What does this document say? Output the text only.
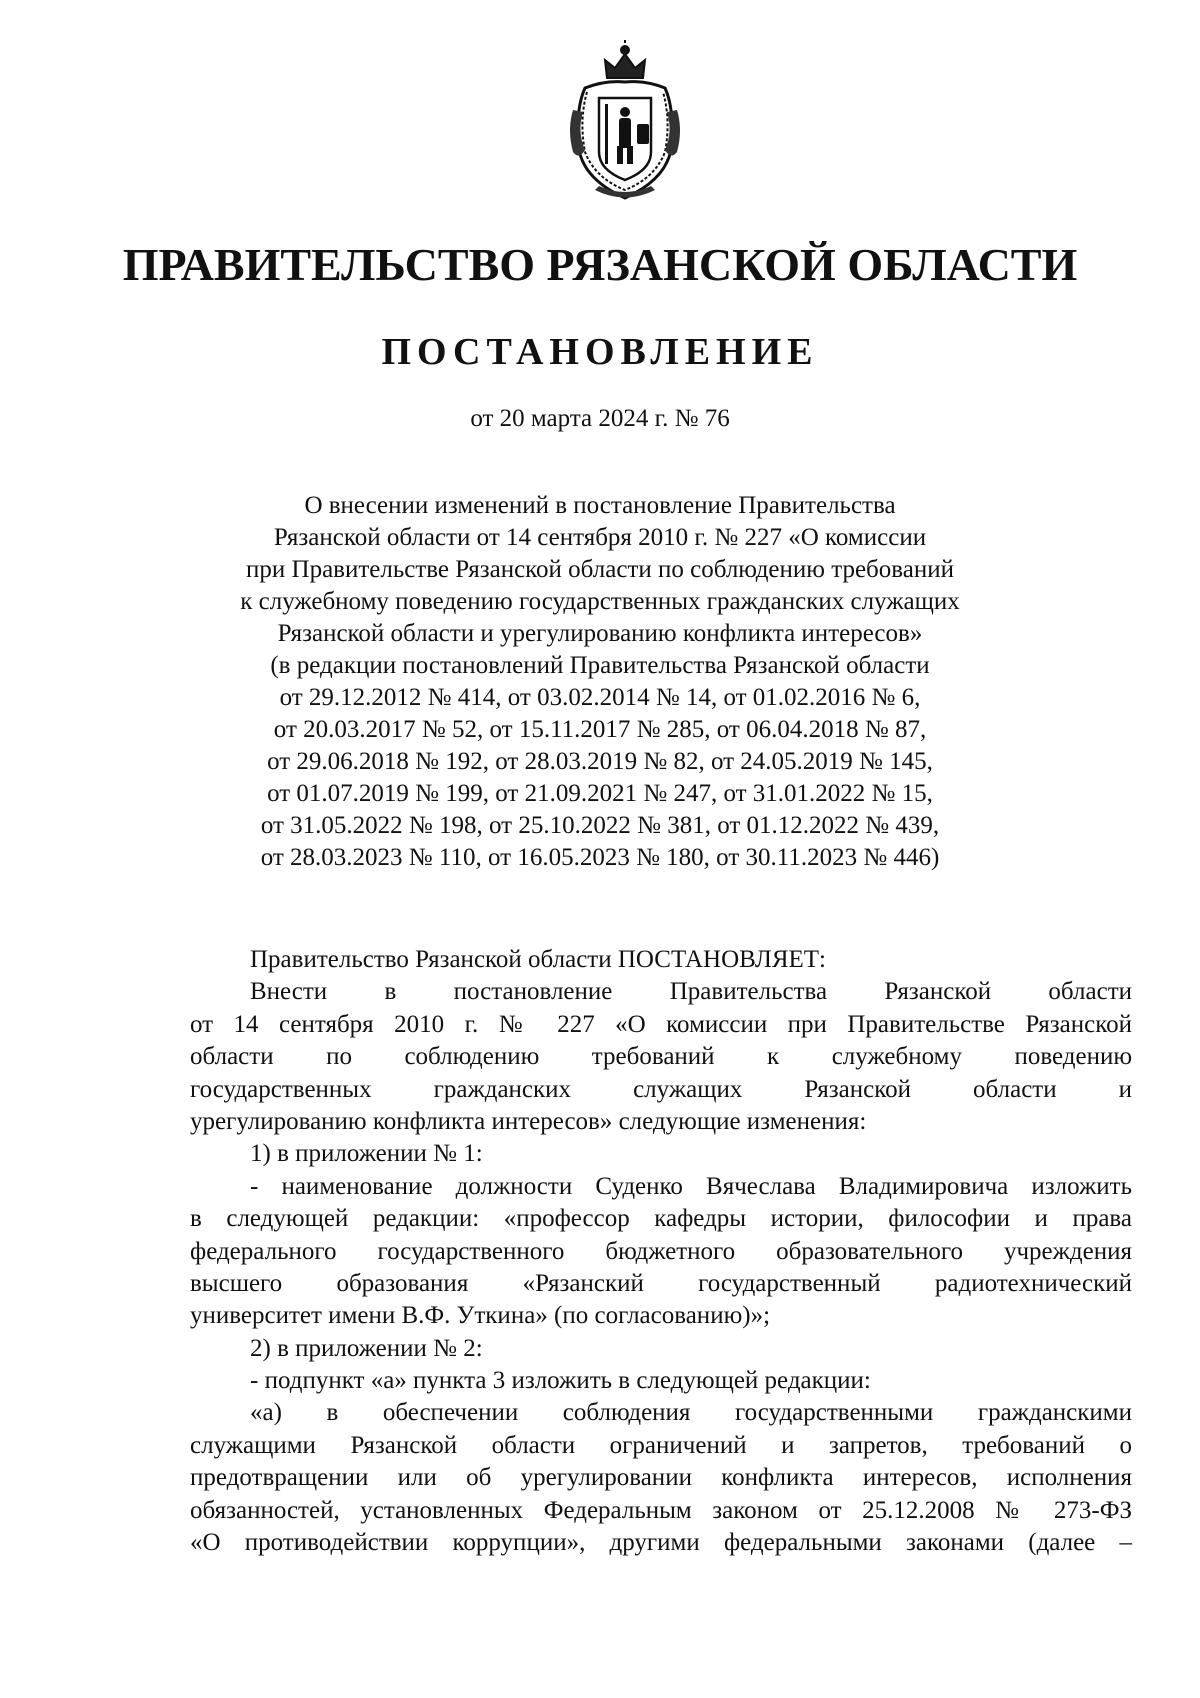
ПРАВИТЕЛЬСТВО РЯЗАНСКОЙ ОБЛАСТИ
ПОСТАНОВЛЕНИЕ
от 20 марта 2024 г. № 76
О внесении изменений в постановление Правительства
Рязанской области от 14 сентября 2010 г. № 227 «О комиссии
при Правительстве Рязанской области по соблюдению требований
к служебному поведению государственных гражданских служащих
Рязанской области и урегулированию конфликта интересов»
(в редакции постановлений Правительства Рязанской области
от 29.12.2012 № 414, от 03.02.2014 № 14, от 01.02.2016 № 6,
от 20.03.2017 № 52, от 15.11.2017 № 285, от 06.04.2018 № 87,
от 29.06.2018 № 192, от 28.03.2019 № 82, от 24.05.2019 № 145,
от 01.07.2019 № 199, от 21.09.2021 № 247, от 31.01.2022 № 15,
от 31.05.2022 № 198, от 25.10.2022 № 381, от 01.12.2022 № 439,
от 28.03.2023 № 110, от 16.05.2023 № 180, от 30.11.2023 № 446)
Правительство Рязанской области ПОСТАНОВЛЯЕТ:
Внести в постановление Правительства Рязанской области
от 14 сентября 2010 г. № 227 «О комиссии при Правительстве Рязанской
области по соблюдению требований к служебному поведению
государственных гражданских служащих Рязанской области и
урегулированию конфликта интересов» следующие изменения:
1) в приложении № 1:
- наименование должности Суденко Вячеслава Владимировича изложить
в следующей редакции: «профессор кафедры истории, философии и права
федерального государственного бюджетного образовательного учреждения
высшего образования «Рязанский государственный радиотехнический
университет имени В.Ф. Уткина» (по согласованию)»;
2) в приложении № 2:
- подпункт «а» пункта 3 изложить в следующей редакции:
«а) в обеспечении соблюдения государственными гражданскими
служащими Рязанской области ограничений и запретов, требований о
предотвращении или об урегулировании конфликта интересов, исполнения
обязанностей, установленных Федеральным законом от 25.12.2008 № 273-ФЗ
«О противодействии коррупции», другими федеральными законами (далее –
